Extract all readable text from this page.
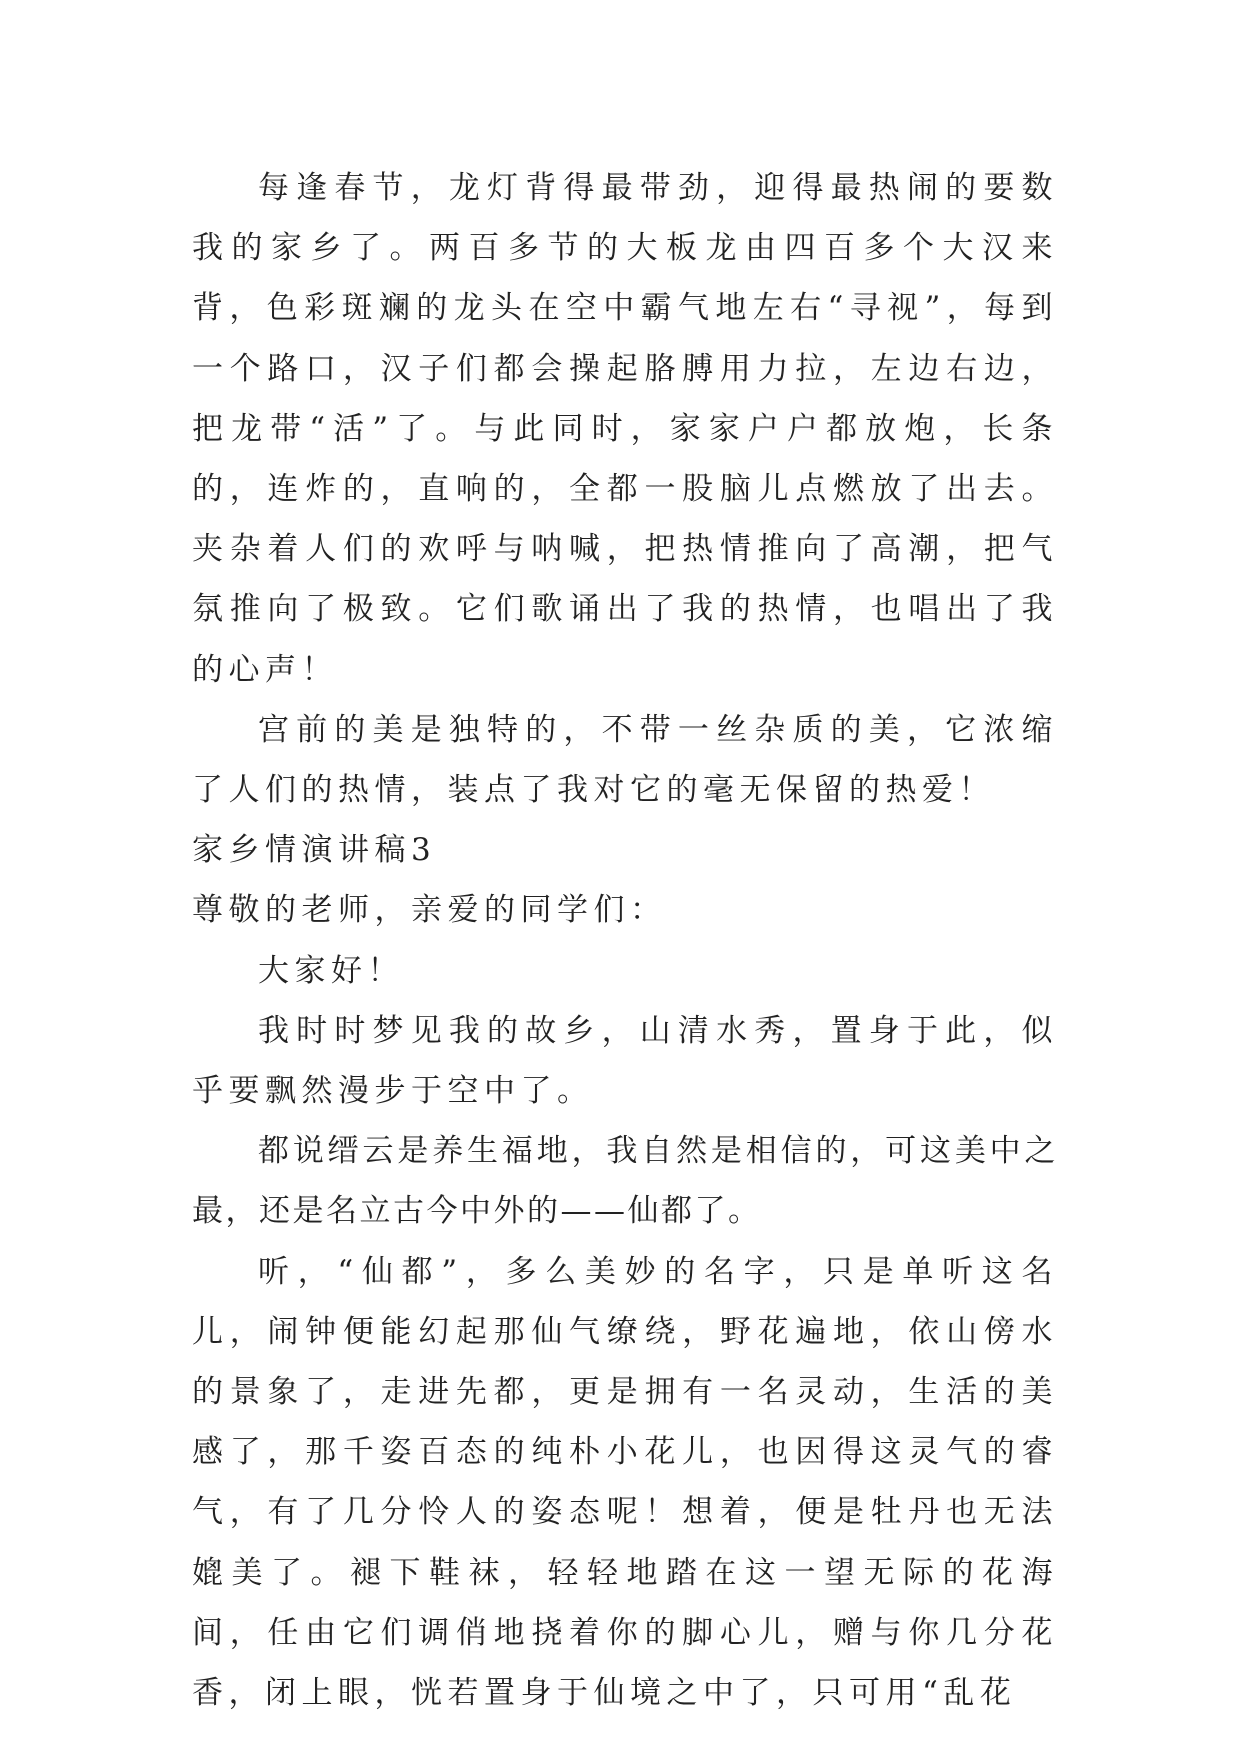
每逢春节，龙灯背得最带劲，迎得最热闹的要数我的家乡了。两百多节的大板龙由四百多个大汉来背，色彩斑斓的龙头在空中霸气地左右“寻视”，每到一个路口，汉子们都会操起胳膊用力拉，左边右边，把龙带“活”了。与此同时，家家户户都放炮，长条的，连炸的，直响的，全都一股脑儿点燃放了出去。夹杂着人们的欢呼与呐喊，把热情推向了高潮，把气氛推向了极致。它们歌诵出了我的热情，也唱出了我的心声！

宫前的美是独特的，不带一丝杂质的美，它浓缩了人们的热情，装点了我对它的毫无保留的热爱！

家乡情演讲稿3

尊敬的老师，亲爱的同学们：

大家好！

我时时梦见我的故乡，山清水秀，置身于此，似乎要飘然漫步于空中了。

都说缙云是养生福地，我自然是相信的，可这美中之最，还是名立古今中外的——仙都了。

听，“仙都”，多么美妙的名字，只是单听这名儿，闹钟便能幻起那仙气缭绕，野花遍地，依山傍水的景象了，走进先都，更是拥有一名灵动，生活的美感了，那千姿百态的纯朴小花儿，也因得这灵气的睿气，有了几分怜人的姿态呢！想着，便是牡丹也无法媲美了。褪下鞋袜，轻轻地踏在这一望无际的花海间，任由它们调俏地挠着你的脚心儿，赠与你几分花香，闭上眼，恍若置身于仙境之中了，只可用“乱花
